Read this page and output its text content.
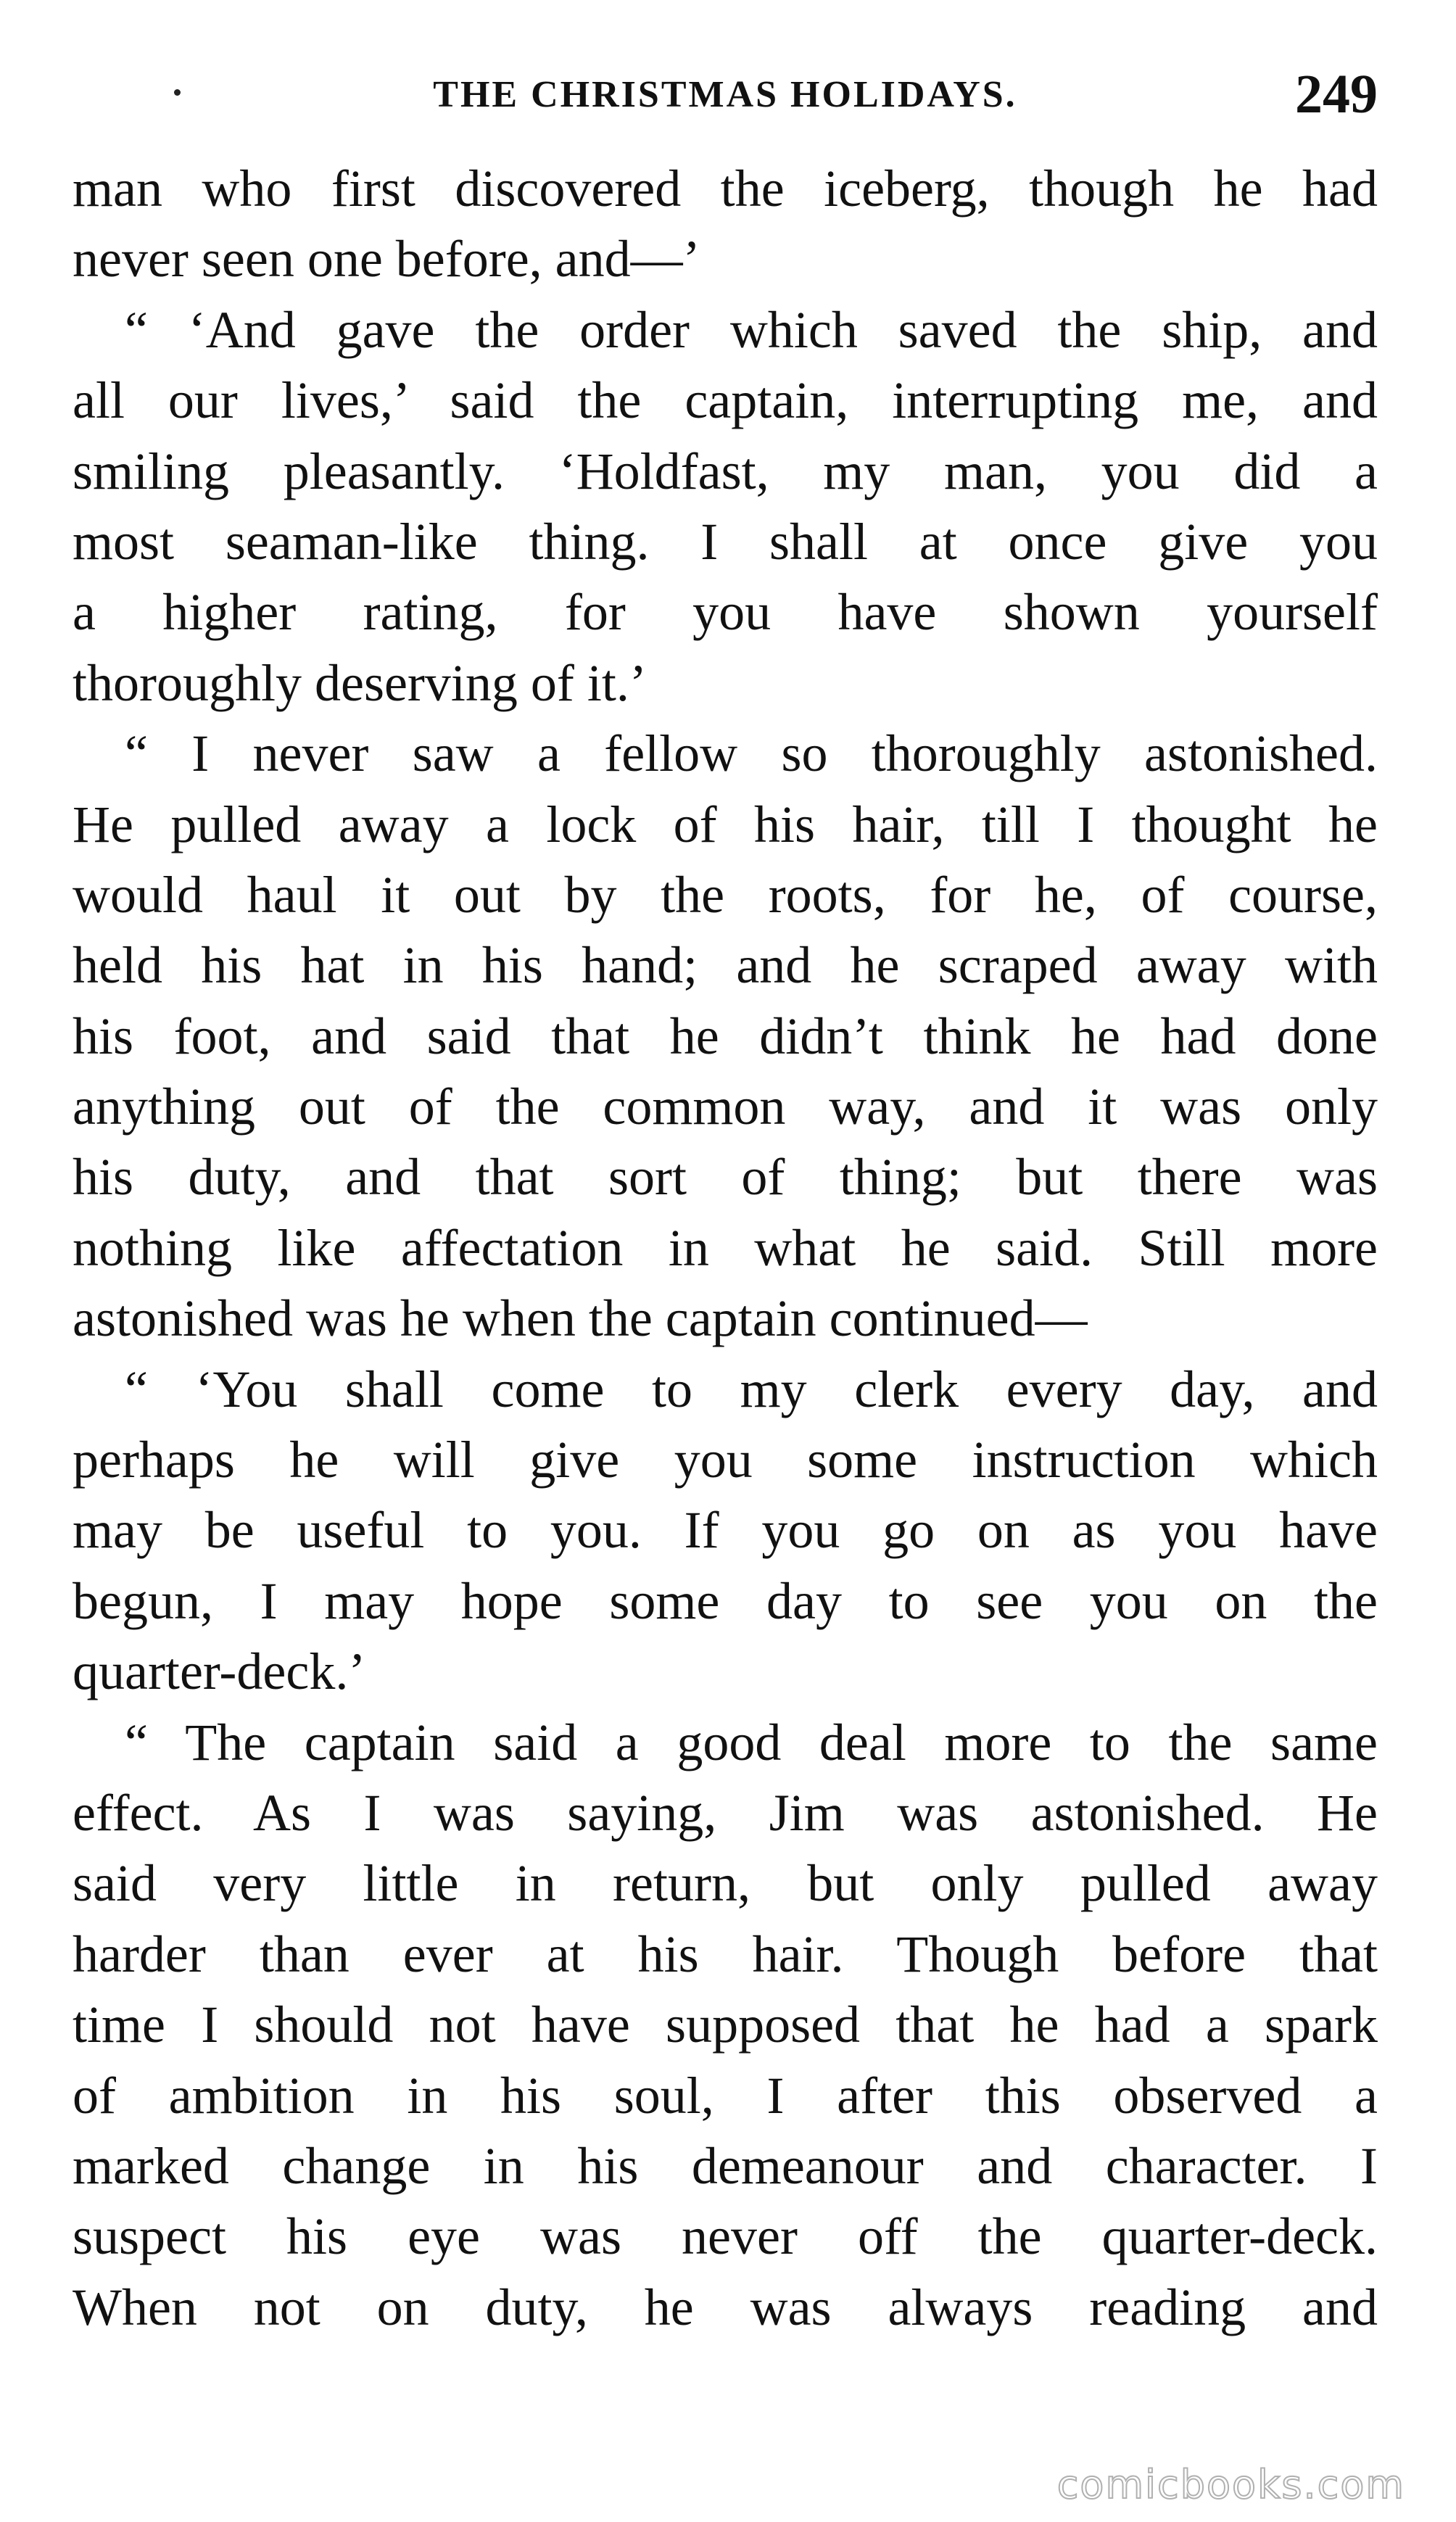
THE CHRISTMAS HOLIDAYS.	249
man who first discovered the iceberg, though he had
never seen one before, and—’
“ ‘And gave the order which saved the ship, and
all our lives,’ said the captain, interrupting me, and
smiling pleasantly. ‘Holdfast, my man, you did a
most seaman-like thing. I shall at once give you
a higher rating, for you have shown yourself
thoroughly deserving of it.’
“ I never saw a fellow so thoroughly astonished.
He pulled away a lock of his hair, till I thought he
would haul it out by the roots, for he, of course,
held his hat in his hand; and he scraped away with
his foot, and said that he didn’t think he had done
anything out of the common way, and it was only
his duty, and that sort of thing; but there was
nothing like affectation in what he said. Still more
astonished was he when the captain continued—
“ ‘You shall come to my clerk every day, and
perhaps he will give you some instruction which
may be useful to you. If you go on as you have
begun, I may hope some day to see you on the
quarter-deck.’
“ The captain said a good deal more to the same
effect. As I was saying, Jim was astonished. He
said very little in return, but only pulled away
harder than ever at his hair. Though before that
time I should not have supposed that he had a spark
of ambition in his soul, I after this observed a
marked change in his demeanour and character. I
suspect his eye was never off the quarter-deck.
When not on duty, he was always reading and
comicbooks.com
